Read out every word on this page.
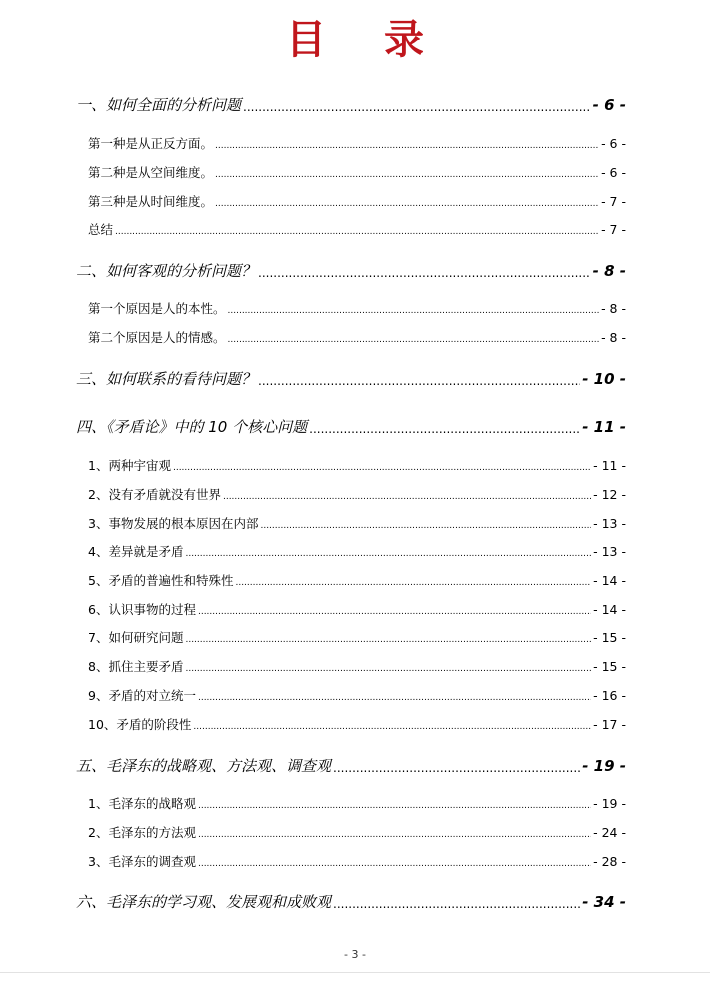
目 录
一、如何全面的分析问题 .....	- 6 -
第一种是从正反方面。 .....	- 6 -
第二种是从空间维度。 .....	- 6 -
第三种是从时间维度。 .....	- 7 -
总结 .....	- 7 -
二、如何客观的分析问题？ .....	- 8 -
第一个原因是人的本性。 .....	- 8 -
第二个原因是人的情感。 .....	- 8 -
三、如何联系的看待问题？ .....	- 10 -
四、《矛盾论》中的 10 个核心问题 .....	- 11 -
1、两种宇宙观 .....	- 11 -
2、没有矛盾就没有世界 .....	- 12 -
3、事物发展的根本原因在内部 .....	- 13 -
4、差异就是矛盾 .....	- 13 -
5、矛盾的普遍性和特殊性 .....	- 14 -
6、认识事物的过程 .....	- 14 -
7、如何研究问题 .....	- 15 -
8、抓住主要矛盾 .....	- 15 -
9、矛盾的对立统一 .....	- 16 -
10、矛盾的阶段性 .....	- 17 -
五、毛泽东的战略观、方法观、调查观 .....	- 19 -
1、毛泽东的战略观 .....	- 19 -
2、毛泽东的方法观 .....	- 24 -
3、毛泽东的调查观 .....	- 28 -
六、毛泽东的学习观、发展观和成败观 .....	- 34 -
- 3 -
